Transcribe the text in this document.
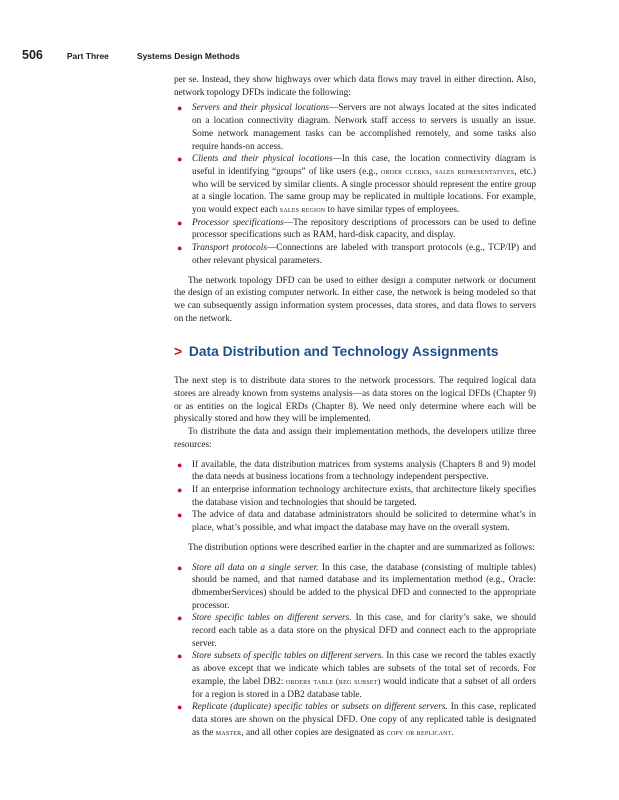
506	Part Three	Systems Design Methods

per se. Instead, they show highways over which data flows may travel in either direction. Also, network topology DFDs indicate the following:

● Servers and their physical locations—Servers are not always located at the sites indicated on a location connectivity diagram. Network staff access to servers is usually an issue. Some network management tasks can be accomplished remotely, and some tasks also require hands-on access.
● Clients and their physical locations—In this case, the location connectivity diagram is useful in identifying “groups” of like users (e.g., order clerks, sales representatives, etc.) who will be serviced by similar clients. A single processor should represent the entire group at a single location. The same group may be replicated in multiple locations. For example, you would expect each sales region to have similar types of employees.
● Processor specifications—The repository descriptions of processors can be used to define processor specifications such as RAM, hard-disk capacity, and display.
● Transport protocols—Connections are labeled with transport protocols (e.g., TCP/IP) and other relevant physical parameters.

The network topology DFD can be used to either design a computer network or document the design of an existing computer network. In either case, the network is being modeled so that we can subsequently assign information system processes, data stores, and data flows to servers on the network.

> Data Distribution and Technology Assignments

The next step is to distribute data stores to the network processors. The required logical data stores are already known from systems analysis—as data stores on the logical DFDs (Chapter 9) or as entities on the logical ERDs (Chapter 8). We need only determine where each will be physically stored and how they will be implemented.

To distribute the data and assign their implementation methods, the developers utilize three resources:

● If available, the data distribution matrices from systems analysis (Chapters 8 and 9) model the data needs at business locations from a technology independent perspective.
● If an enterprise information technology architecture exists, that architecture likely specifies the database vision and technologies that should be targeted.
● The advice of data and database administrators should be solicited to determine what’s in place, what’s possible, and what impact the database may have on the overall system.

The distribution options were described earlier in the chapter and are summarized as follows:

● Store all data on a single server. In this case, the database (consisting of multiple tables) should be named, and that named database and its implementation method (e.g., Oracle: dbmemberServices) should be added to the physical DFD and connected to the appropriate processor.
● Store specific tables on different servers. In this case, and for clarity’s sake, we should record each table as a data store on the physical DFD and connect each to the appropriate server.
● Store subsets of specific tables on different servers. In this case we record the tables exactly as above except that we indicate which tables are subsets of the total set of records. For example, the label DB2: orders table (reg subset) would indicate that a subset of all orders for a region is stored in a DB2 database table.
● Replicate (duplicate) specific tables or subsets on different servers. In this case, replicated data stores are shown on the physical DFD. One copy of any replicated table is designated as the master, and all other copies are designated as copy or replicant.
